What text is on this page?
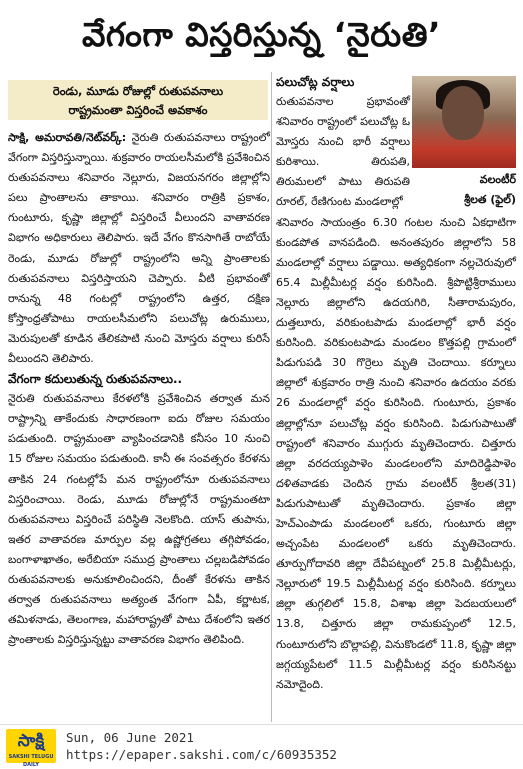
వేగంగా విస్తరిస్తున్న ‘నైరుతి’
రెండు, మూడు రోజుల్లో రుతుపవనాలు
రాష్ట్రమంతా విస్తరించే అవకాశం

సాక్షి, అమరావతి/నెట్‌వర్క్: నైరుతి రుతుపవనాలు రాష్ట్రంలో వేగంగా విస్తరిస్తున్నాయి. శుక్రవారం రాయలసీమలోకి ప్రవేశించిన రుతుపవనాలు శనివారం నెల్లూరు, విజయనగరం జిల్లాల్లోని పలు ప్రాంతాలను తాకాయి. శనివారం రాత్రికి ప్రకాశం, గుంటూరు, కృష్ణా జిల్లాల్లో విస్తరించే వీలుందని వాతావరణ విభాగం అధికారులు తెలిపారు. ఇదే వేగం కొనసాగితే రాబోయే రెండు, మూడు రోజుల్లో రాష్ట్రంలోని అన్ని ప్రాంతాలకు రుతుపవనాలు విస్తరిస్తాయని చెప్పారు. వీటి ప్రభావంతో రానున్న 48 గంటల్లో రాష్ట్రంలోని ఉత్తర, దక్షిణ కోస్తాంధ్రతోపాటు రాయలసీమలోని పలుచోట్ల ఉరుములు, మెరుపులతో కూడిన తేలికపాటి నుంచి మోస్తరు వర్షాలు కురిసే వీలుందని తెలిపారు.

వేగంగా కదులుతున్న రుతుపవనాలు..

నైరుతి రుతుపవనాలు కేరళలోకి ప్రవేశించిన తర్వాత మన రాష్ట్రాన్ని తాకేందుకు సాధారణంగా ఐదు రోజుల సమయం పడుతుంది. రాష్ట్రమంతా వ్యాపించడానికి కనీసం 10 నుంచి 15 రోజుల సమయం పడుతుంది. కానీ ఈ సంవత్సరం కేరళను తాకిన 24 గంటల్లోపే మన రాష్ట్రంలోనూ రుతుపవనాలు విస్తరించాయి. రెండు, మూడు రోజుల్లోనే రాష్ట్రమంతటా రుతుపవనాలు విస్తరించే పరిస్థితి నెలకొంది. యాస్‌ తుపాను, ఇతర వాతావరణ మార్పుల వల్ల ఉష్ణోగ్రతలు తగ్గిపోవడం, బంగాళాఖాతం, అరేబియా సముద్ర ప్రాంతాలు చల్లబడిపోవడం రుతుపవనాలకు అనుకూలించిందని, దీంతో కేరళను తాకిన తర్వాత రుతుపవనాలు అత్యంత వేగంగా ఏపీ, కర్ణాటక, తమిళనాడు, తెలంగాణ, మహారాష్ట్రతో పాటు దేశంలోని ఇతర ప్రాంతాలకు విస్తరిస్తున్నట్టు వాతావరణ విభాగం తెలిపింది.

పలుచోట్ల వర్షాలు

రుతుపవనాల ప్రభావంతో శనివారం రాష్ట్రంలో పలుచోట్ల ఓ మోస్తరు నుంచి భారీ వర్షాలు కురిశాయి. తిరుపతి, తిరుమలలో పాటు తిరుపతి రూరల్‌, రేణిగుంట మండలాల్లో

శనివారం సాయంత్రం 6.30 గంటల నుంచి ఏకధాటిగా కుండపోత వానపడింది. అనంతపురం జిల్లాలోని 58 మండలాల్లో వర్షాలు పడ్డాయి. అత్యధికంగా నల్లచెరువులో 65.4 మిల్లీమీటర్ల వర్షం కురిసింది. శ్రీపొట్టిశ్రీరాములు నెల్లూరు జిల్లాలోని ఉదయగిరి, సీతారామపురం, దుత్తలూరు, వరికుంటపాడు మండలాల్లో భారీ వర్షం కురిసింది. వరికుంటపాడు మండలం కొత్తపల్లి గ్రామంలో పిడుగుపడి 30 గొర్రెలు మృతి చెందాయి. కర్నూలు జిల్లాలో శుక్రవారం రాత్రి నుంచి శనివారం ఉదయం వరకు 26 మండలాల్లో వర్షం కురిసింది. గుంటూరు, ప్రకాశం జిల్లాల్లోనూ పలుచోట్ల వర్షం కురిసింది. పిడుగుపాటుతో రాష్ట్రంలో శనివారం ముగ్గురు మృతిచెందారు. చిత్తూరు జిల్లా వరదయ్యపాళెం మండలంలోని మాదిరెడ్డిపాళెం దళితవాడకు చెందిన గ్రామ వలంటీర్‌ శ్రీలత(31) పిడుగుపాటుతో మృతిచెందారు. ప్రకాశం జిల్లా హెచ్‌ఎంపాడు మండలంలో ఒకరు, గుంటూరు జిల్లా అచ్చంపేట మండలంలో ఒకరు మృతిచెందారు. తూర్పుగోదావరి జిల్లా దేవీపట్నంలో 25.8 మిల్లీమీటర్లు, నెల్లూరులో 19.5 మిల్లీమీటర్ల వర్షం కురిసింది. కర్నూలు జిల్లా తుగ్గలిలో 15.8, విశాఖ జిల్లా పెదబయలులో 13.8, చిత్తూరు జిల్లా రామకుప్పంలో 12.5, గుంటూరులోని బొల్లాపల్లి, వినుకొండలో 11.8, కృష్ణా జిల్లా జగ్గయ్యపేటలో 11.5 మిల్లీమీటర్ల వర్షం కురిసినట్టు నమోదైంది.

వలంటీర్‌
శ్రీలత (ఫైల్‌)
సాక్షి
SAKSHI TELUGU DAILY
Sun, 06 June 2021
https://epaper.sakshi.com/c/60935352
